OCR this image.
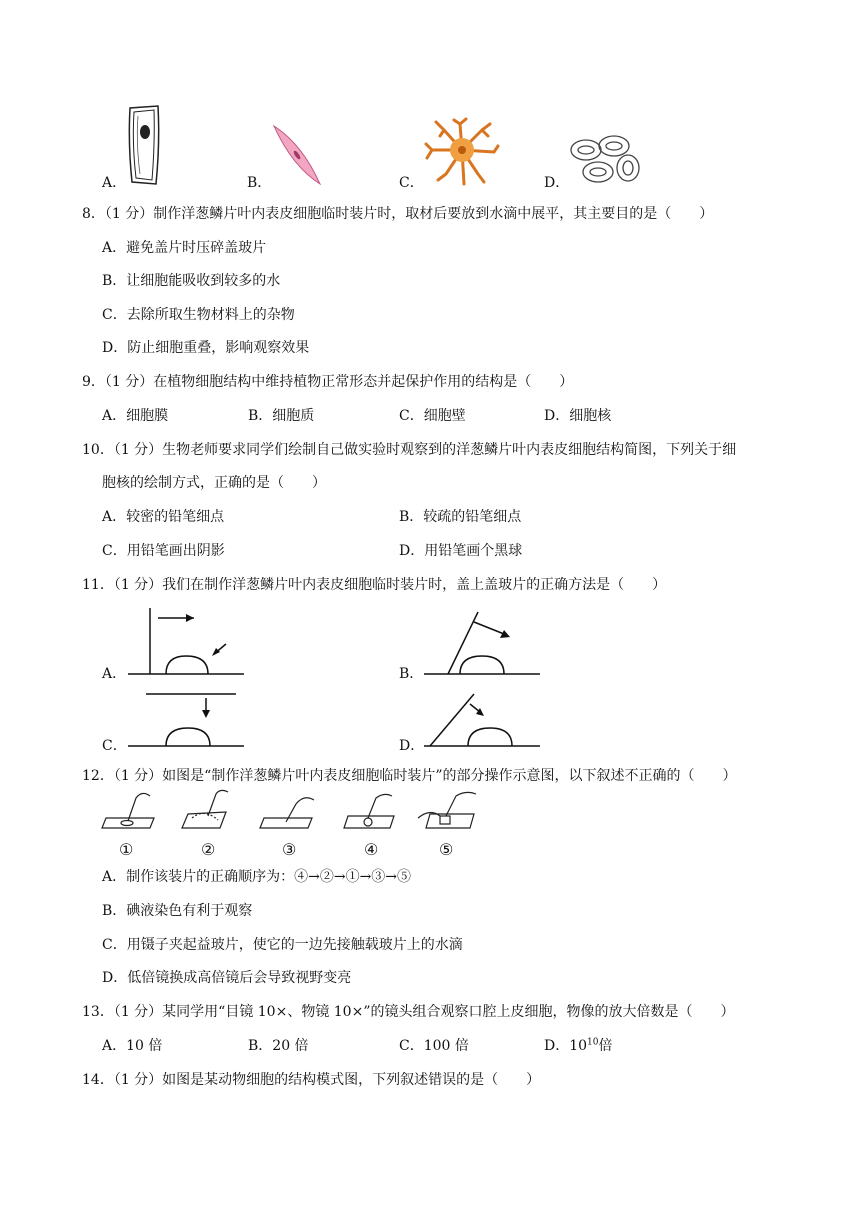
A．	B．	C．	D．
8．（1 分）制作洋葱鳞片叶内表皮细胞临时装片时，取材后要放到水滴中展平，其主要目的是（　　）
A．避免盖片时压碎盖玻片
B．让细胞能吸收到较多的水
C．去除所取生物材料上的杂物
D．防止细胞重叠，影响观察效果
9．（1 分）在植物细胞结构中维持植物正常形态并起保护作用的结构是（　　）
A．细胞膜	B．细胞质	C．细胞壁	D．细胞核
10．（1 分）生物老师要求同学们绘制自己做实验时观察到的洋葱鳞片叶内表皮细胞结构简图，下列关于细
胞核的绘制方式，正确的是（　　）
A．较密的铅笔细点	B．较疏的铅笔细点
C．用铅笔画出阴影	D．用铅笔画个黑球
11．（1 分）我们在制作洋葱鳞片叶内表皮细胞临时装片时，盖上盖玻片的正确方法是（　　）
A．	B．
C．	D．
12．（1 分）如图是“制作洋葱鳞片叶内表皮细胞临时装片”的部分操作示意图，以下叙述不正确的（　　）
①	②	③	④	⑤
A．制作该装片的正确顺序为：④→②→①→③→⑤
B．碘液染色有利于观察
C．用镊子夹起益玻片，使它的一边先接触载玻片上的水滴
D．低倍镜换成高倍镜后会导致视野变亮
13．（1 分）某同学用“目镜 10×、物镜 10×”的镜头组合观察口腔上皮细胞，物像的放大倍数是（　　）
A．10 倍	B．20 倍	C．100 倍	D．$10^{10}$倍
14．（1 分）如图是某动物细胞的结构模式图，下列叙述错误的是（　　）
